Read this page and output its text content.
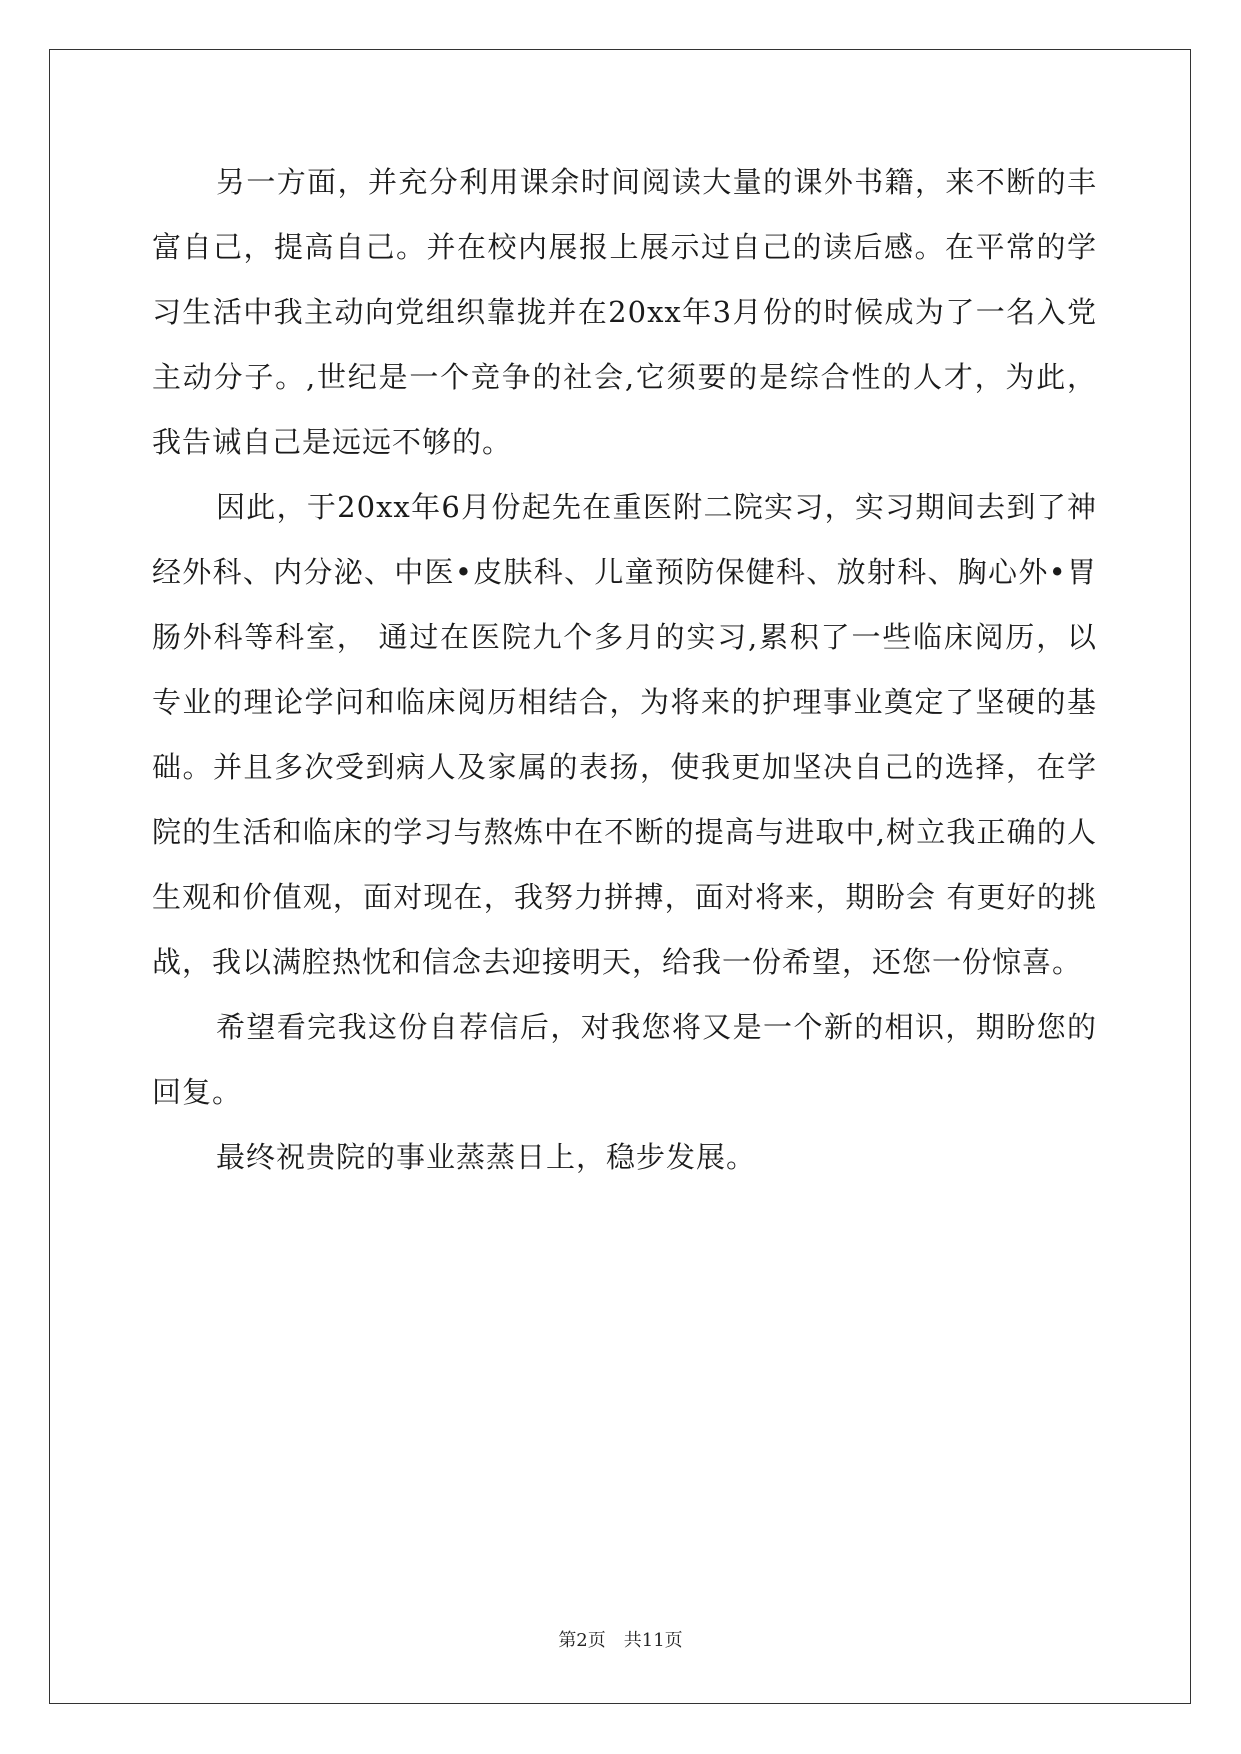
另一方面，并充分利用课余时间阅读大量的课外书籍，来不断的丰富自己，提高自己。并在校内展报上展示过自己的读后感。在平常的学习生活中我主动向党组织靠拢并在20xx年3月份的时候成为了一名入党主动分子。,世纪是一个竞争的社会,它须要的是综合性的人才，为此，我告诫自己是远远不够的。

因此，于20xx年6月份起先在重医附二院实习，实习期间去到了神经外科、内分泌、中医•皮肤科、儿童预防保健科、放射科、胸心外•胃肠外科等科室， 通过在医院九个多月的实习,累积了一些临床阅历，以专业的理论学问和临床阅历相结合，为将来的护理事业奠定了坚硬的基础。并且多次受到病人及家属的表扬，使我更加坚决自己的选择，在学院的生活和临床的学习与熬炼中在不断的提高与进取中,树立我正确的人生观和价值观，面对现在，我努力拼搏，面对将来，期盼会 有更好的挑战，我以满腔热忱和信念去迎接明天，给我一份希望，还您一份惊喜。

希望看完我这份自荐信后，对我您将又是一个新的相识，期盼您的回复。

最终祝贵院的事业蒸蒸日上，稳步发展。

第2页　共11页
